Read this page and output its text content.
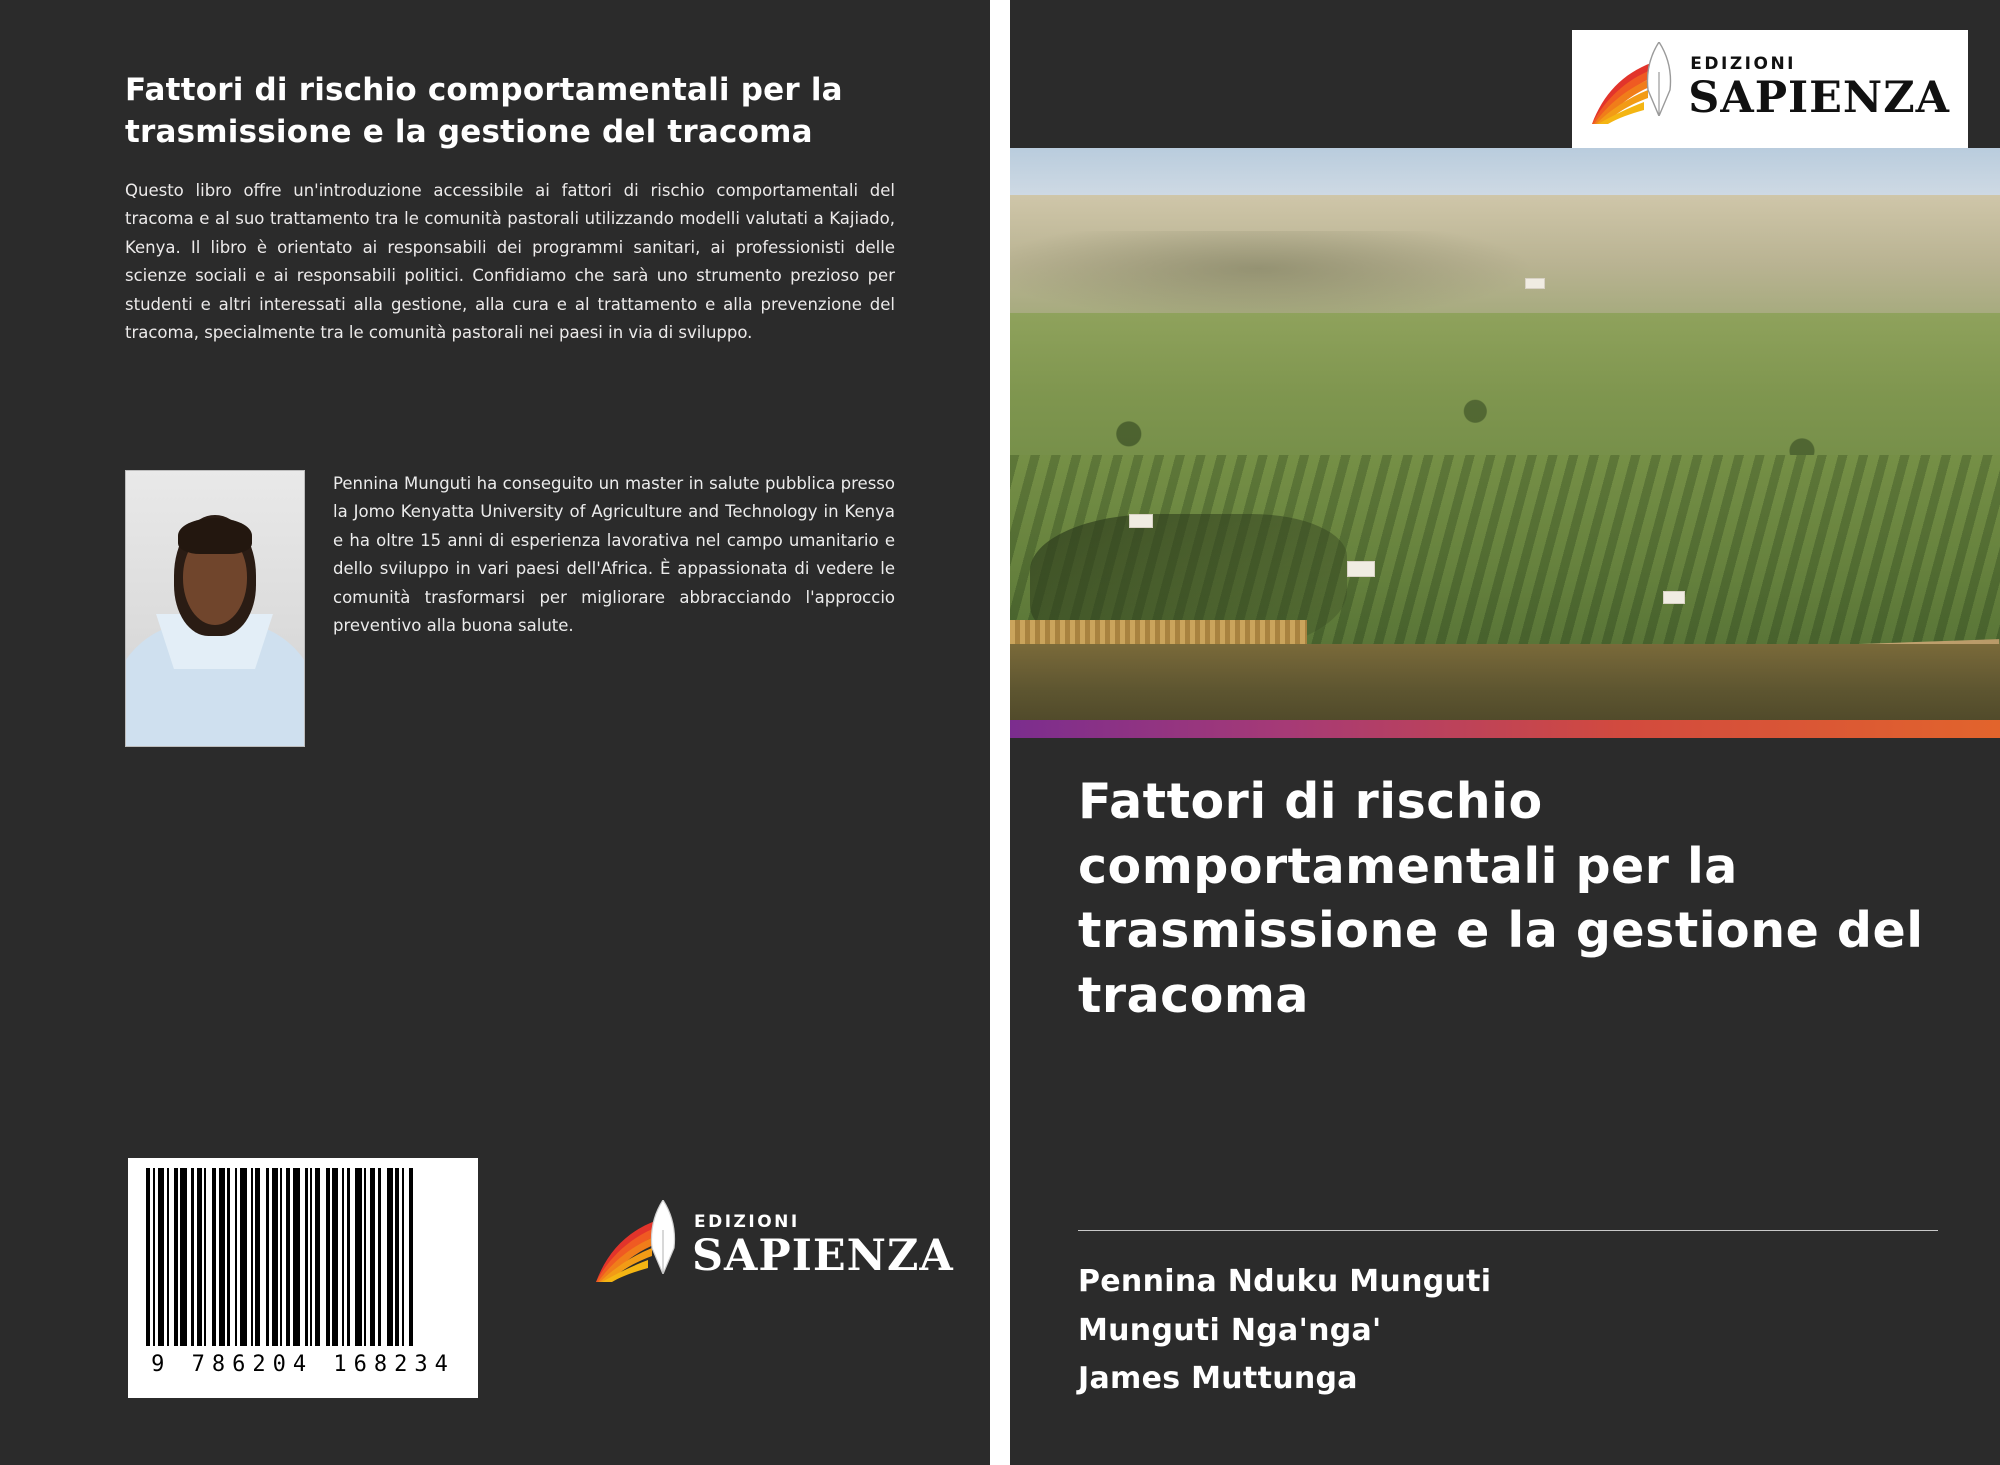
Fattori di rischio comportamentali per la trasmissione e la gestione del tracoma

Questo libro offre un'introduzione accessibile ai fattori di rischio comportamentali del tracoma e al suo trattamento tra le comunità pastorali utilizzando modelli valutati a Kajiado, Kenya. Il libro è orientato ai responsabili dei programmi sanitari, ai professionisti delle scienze sociali e ai responsabili politici. Confidiamo che sarà uno strumento prezioso per studenti e altri interessati alla gestione, alla cura e al trattamento e alla prevenzione del tracoma, specialmente tra le comunità pastorali nei paesi in via di sviluppo.

Pennina Munguti ha conseguito un master in salute pubblica presso la Jomo Kenyatta University of Agriculture and Technology in Kenya e ha oltre 15 anni di esperienza lavorativa nel campo umanitario e dello sviluppo in vari paesi dell'Africa. È appassionata di vedere le comunità trasformarsi per migliorare abbracciando l'approccio preventivo alla buona salute.
9 786204 168234
EDIZIONI
SAPIENZA
EDIZIONI
SAPIENZA
Fattori di rischio comportamentali per la trasmissione e la gestione del tracoma
Pennina Nduku Munguti
Munguti Nga'nga'
James Muttunga
